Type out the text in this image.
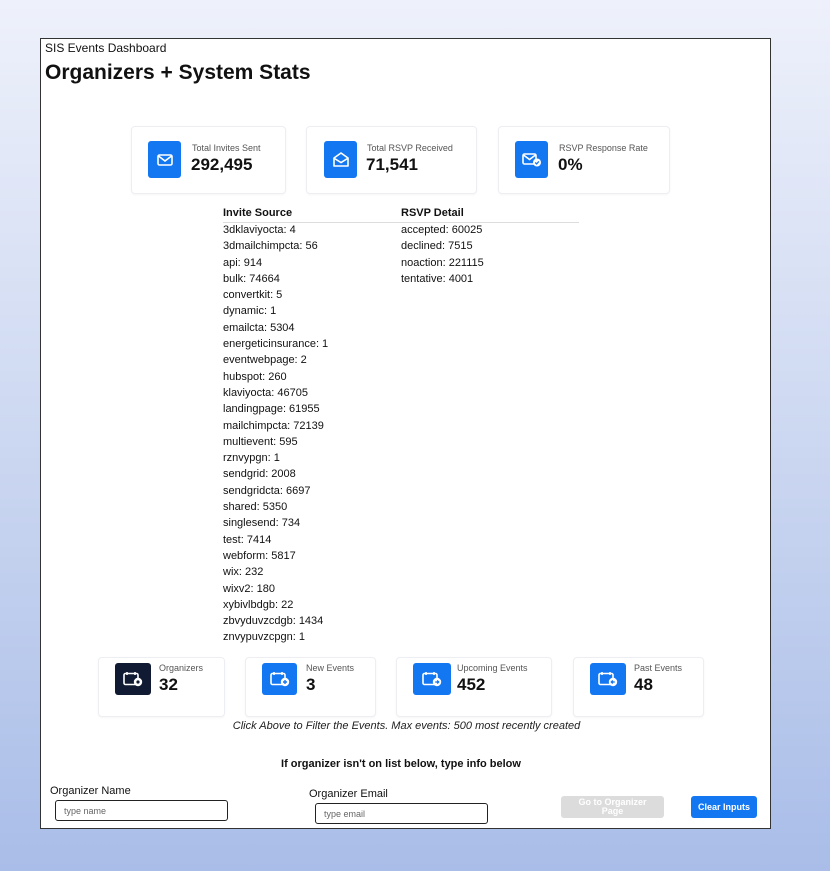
SIS Events Dashboard
Organizers + System Stats
Total Invites Sent
292,495
Total RSVP Received
71,541
RSVP Response Rate
0%
Invite Source
3dklaviyocta: 4
3dmailchimpcta: 56
api: 914
bulk: 74664
convertkit: 5
dynamic: 1
emailcta: 5304
energeticinsurance: 1
eventwebpage: 2
hubspot: 260
klaviyocta: 46705
landingpage: 61955
mailchimpcta: 72139
multievent: 595
rznvypgn: 1
sendgrid: 2008
sendgridcta: 6697
shared: 5350
singlesend: 734
test: 7414
webform: 5817
wix: 232
wixv2: 180
xybivlbdgb: 22
zbvyduvzcdgb: 1434
znvypuvzcpgn: 1
RSVP Detail
accepted: 60025
declined: 7515
noaction: 221115
tentative: 4001
Organizers
32
New Events
3
Upcoming Events
452
Past Events
48
Click Above to Filter the Events. Max events: 500 most recently created
If organizer isn't on list below, type info below
Organizer Name
type name	Organizer Email
type email
Go to Organizer Page	Clear Inputs
